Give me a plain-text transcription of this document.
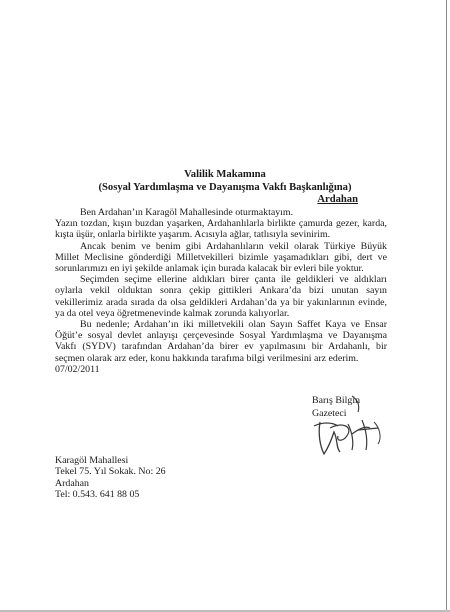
Valilik Makamına
(Sosyal Yardımlaşma ve Dayanışma Vakfı Başkanlığına)
Ardahan

Ben Ardahan’ın Karagöl Mahallesinde oturmaktayım.

Yazın tozdan, kışın buzdan yaşarken, Ardahanlılarla birlikte çamurda gezer, karda, kışta üşür, onlarla birlikte yaşarım. Acısıyla ağlar, tatlısıyla sevinirim.

Ancak benim ve benim gibi Ardahanlıların vekil olarak Türkiye Büyük Millet Meclisine gönderdiği Milletvekilleri bizimle yaşamadıkları gibi, dert ve sorunlarımızı en iyi şekilde anlamak için burada kalacak bir evleri bile yoktur.

Seçimden seçime ellerine aldıkları birer çanta ile geldikleri ve aldıkları oylarla vekil olduktan sonra çekip gittikleri Ankara’da bizi unutan sayın vekillerimiz arada sırada da olsa geldikleri Ardahan’da ya bir yakınlarının evinde, ya da otel veya öğretmenevinde kalmak zorunda kalıyorlar.

Bu nedenle; Ardahan’ın iki milletvekili olan Sayın Saffet Kaya ve Ensar Öğüt’e sosyal devlet anlayışı çerçevesinde Sosyal Yardımlaşma ve Dayanışma Vakfı (SYDV) tarafından Ardahan’da birer ev yapılmasını bir Ardahanlı, bir seçmen olarak arz eder, konu hakkında tarafıma bilgi verilmesini arz ederim.

07/02/2011

Barış Bilgin
Gazeteci
Karagöl Mahallesi
Tekel 75. Yıl Sokak. No: 26
Ardahan
Tel: 0.543. 641 88 05
